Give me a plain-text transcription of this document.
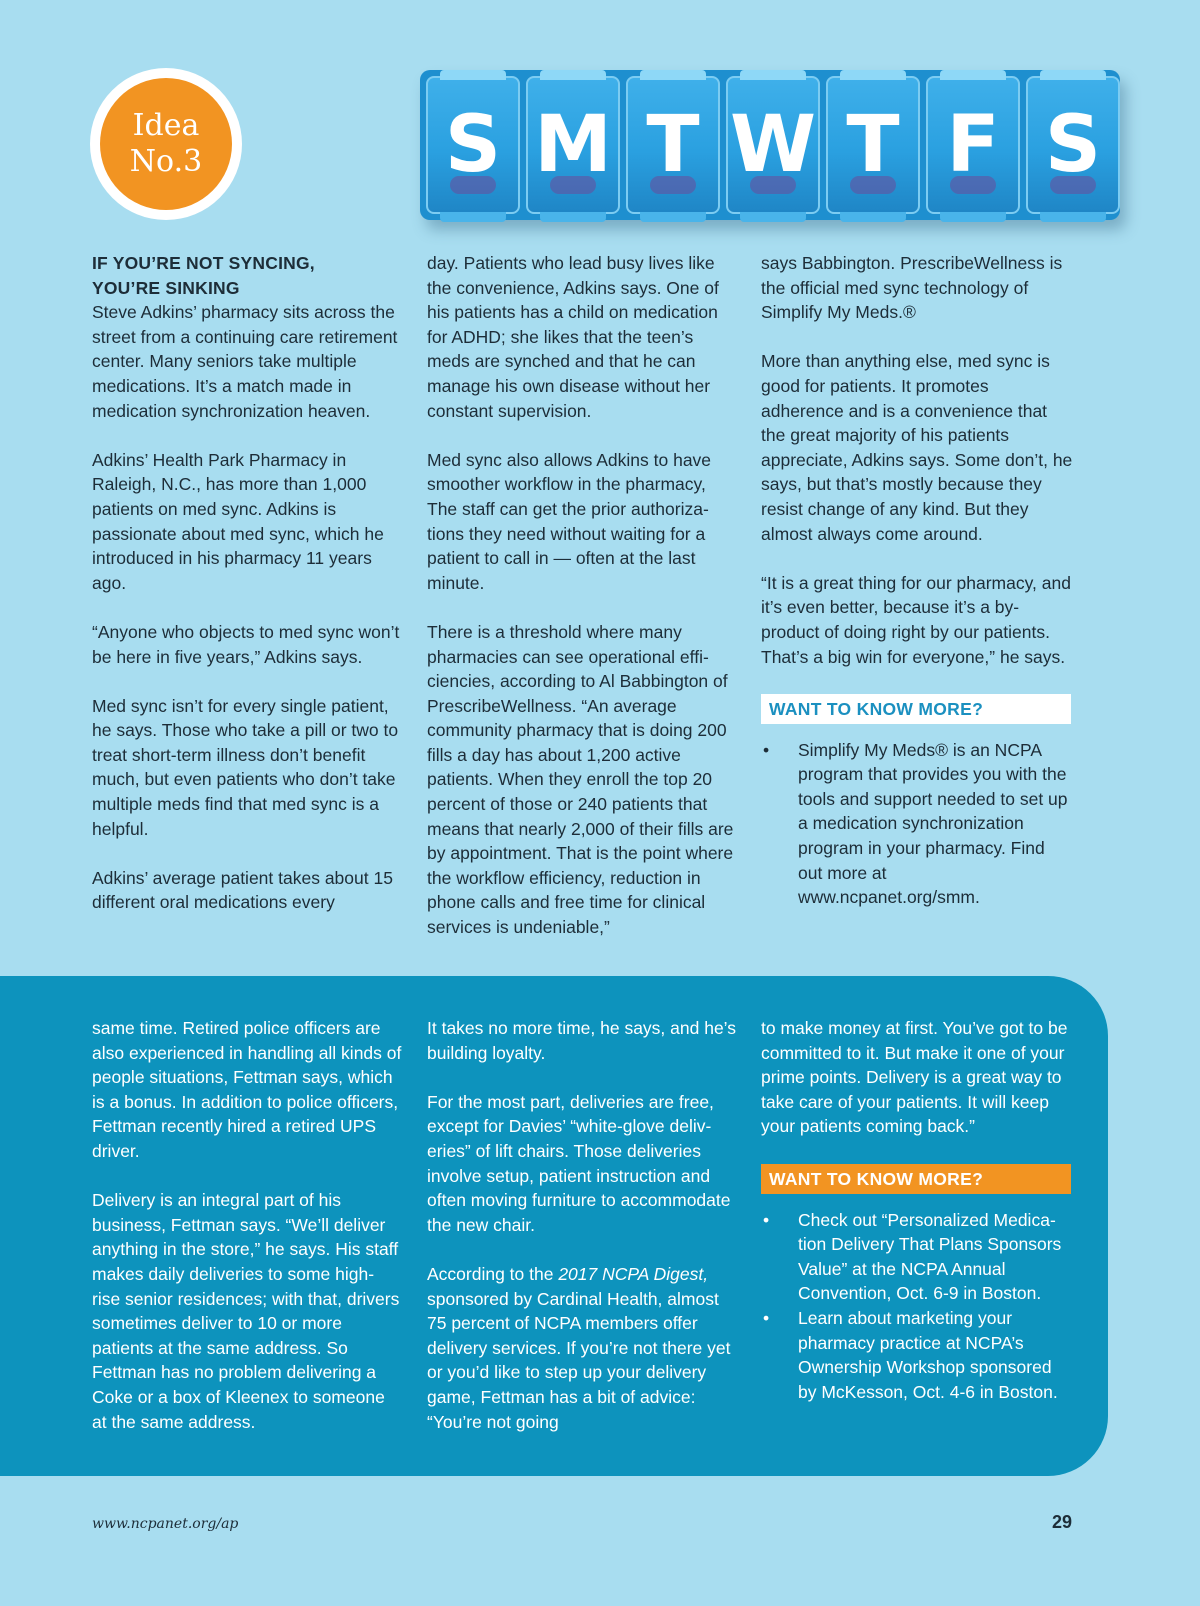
Idea
No.3	S M T W T F S
IF YOU’RE NOT SYNCING,
YOU’RE SINKING

Steve Adkins’ pharmacy sits across the street from a continuing care retirement center. Many seniors take multiple medications. It’s a match made in medication synchronization heaven.

Adkins’ Health Park Pharmacy in Raleigh, N.C., has more than 1,000 patients on med sync. Adkins is passionate about med sync, which he introduced in his pharmacy 11 years ago.

“Anyone who objects to med sync won’t be here in five years,” Adkins says.

Med sync isn’t for every single patient, he says. Those who take a pill or two to treat short-term illness don’t benefit much, but even patients who don’t take multiple meds find that med sync is a helpful.

Adkins’ average patient takes about 15 different oral medications every

day. Patients who lead busy lives like the convenience, Adkins says. One of his patients has a child on medication for ADHD; she likes that the teen’s meds are synched and that he can manage his own disease without her constant supervision.

Med sync also allows Adkins to have smoother workflow in the pharmacy, The staff can get the prior authorizations they need without waiting for a patient to call in — often at the last minute.

There is a threshold where many pharmacies can see operational efficiencies, according to Al Babbington of PrescribeWellness. “An average community pharmacy that is doing 200 fills a day has about 1,200 active patients. When they enroll the top 20 percent of those or 240 patients that means that nearly 2,000 of their fills are by appointment. That is the point where the workflow efficiency, reduction in phone calls and free time for clinical services is undeniable,”

says Babbington. PrescribeWellness is the official med sync technology of Simplify My Meds.®

More than anything else, med sync is good for patients. It promotes adherence and is a convenience that the great majority of his patients appreciate, Adkins says. Some don’t, he says, but that’s mostly because they resist change of any kind. But they almost always come around.

“It is a great thing for our pharmacy, and it’s even better, because it’s a by-product of doing right by our patients. That’s a big win for everyone,” he says.

WANT TO KNOW MORE?
• Simplify My Meds® is an NCPA program that provides you with the tools and support needed to set up a medication synchronization program in your pharmacy. Find out more at www.ncpanet.org/smm.

same time. Retired police officers are also experienced in handling all kinds of people situations, Fettman says, which is a bonus. In addition to police officers, Fettman recently hired a retired UPS driver.

Delivery is an integral part of his business, Fettman says. “We’ll deliver anything in the store,” he says. His staff makes daily deliveries to some high-rise senior residences; with that, drivers sometimes deliver to 10 or more patients at the same address. So Fettman has no problem delivering a Coke or a box of Kleenex to someone at the same address.

It takes no more time, he says, and he’s building loyalty.

For the most part, deliveries are free, except for Davies’ “white-glove deliveries” of lift chairs. Those deliveries involve setup, patient instruction and often moving furniture to accommodate the new chair.

According to the 2017 NCPA Digest, sponsored by Cardinal Health, almost 75 percent of NCPA members offer delivery services. If you’re not there yet or you’d like to step up your delivery game, Fettman has a bit of advice: “You’re not going

to make money at first. You’ve got to be committed to it. But make it one of your prime points. Delivery is a great way to take care of your patients. It will keep your patients coming back.”

WANT TO KNOW MORE?
• Check out “Personalized Medication Delivery That Plans Sponsors Value” at the NCPA Annual Convention, Oct. 6-9 in Boston.
• Learn about marketing your pharmacy practice at NCPA’s Ownership Workshop sponsored by McKesson, Oct. 4-6 in Boston.
www.ncpanet.org/ap	29
